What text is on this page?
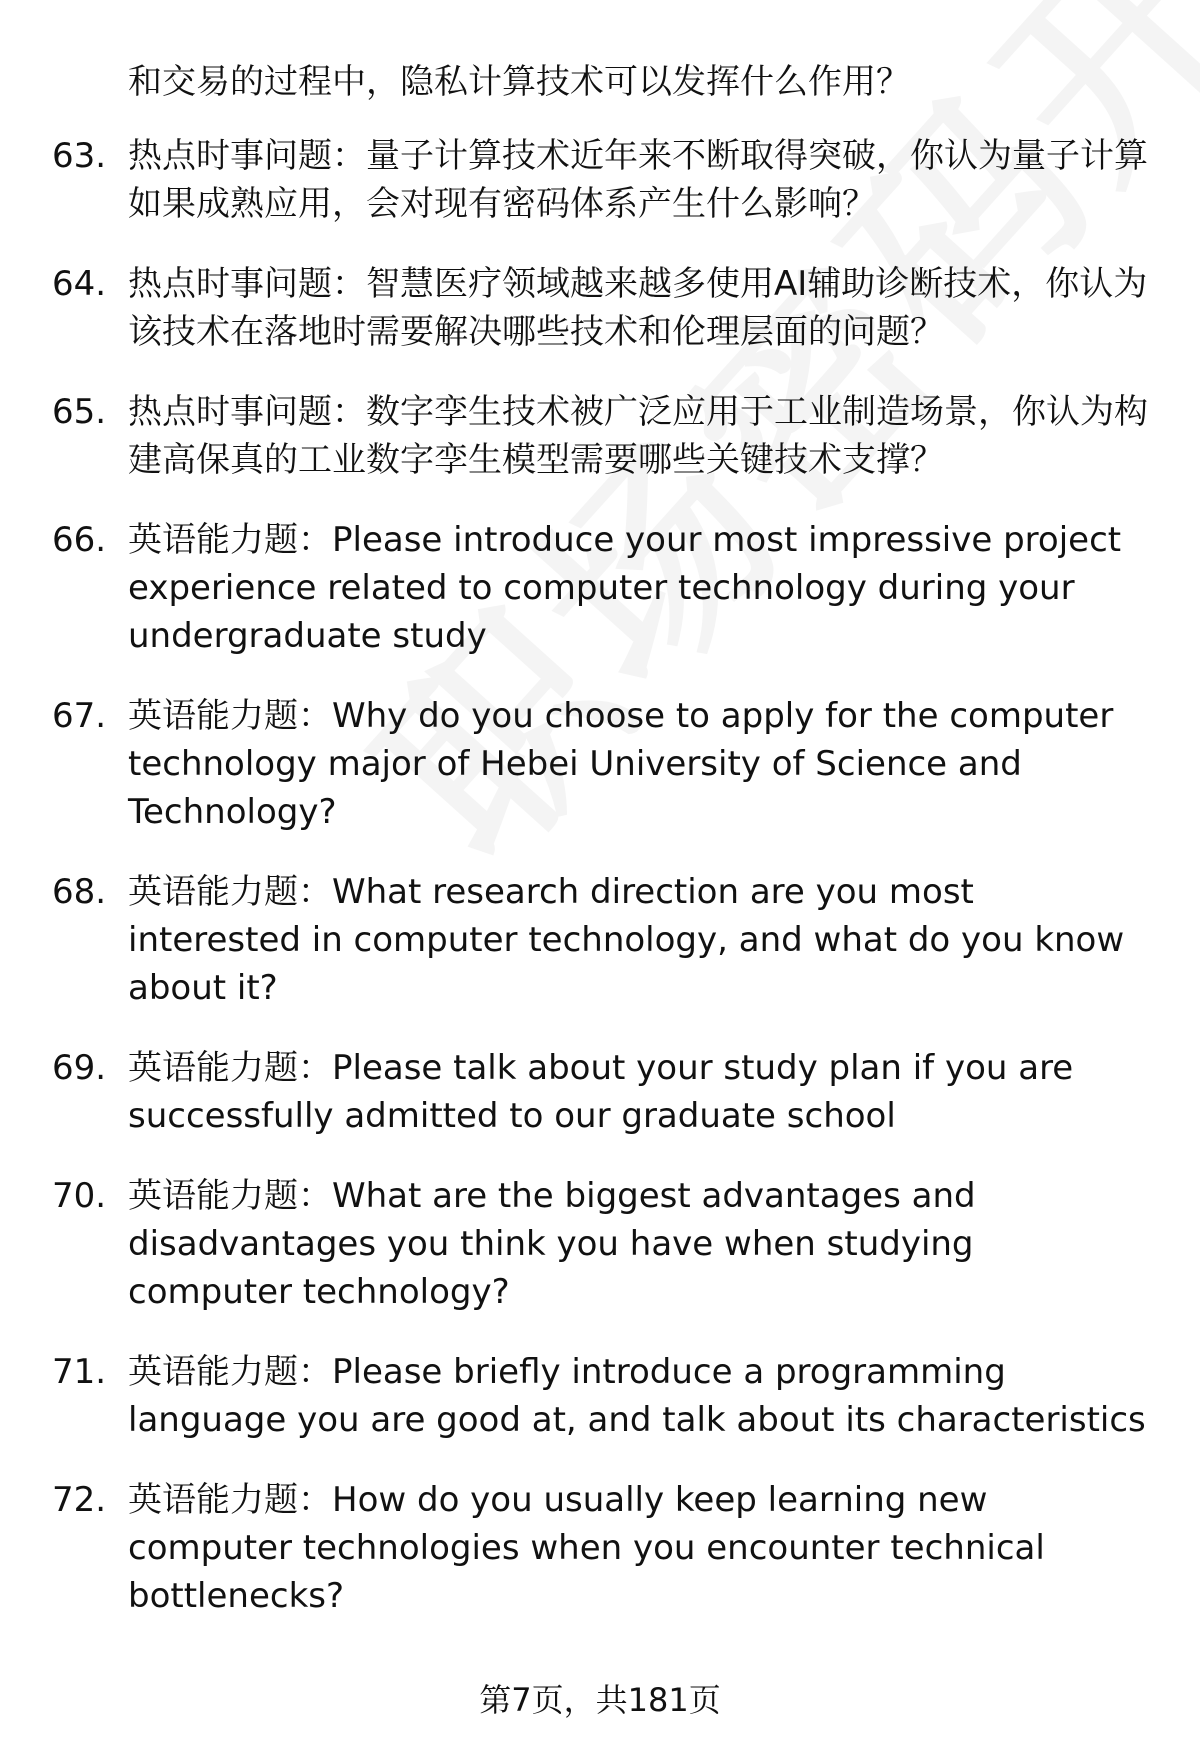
和交易的过程中，隐私计算技术可以发挥什么作用？
63. 热点时事问题：量子计算技术近年来不断取得突破，你认为量子计算如果成熟应用，会对现有密码体系产生什么影响？
64. 热点时事问题：智慧医疗领域越来越多使用AI辅助诊断技术，你认为该技术在落地时需要解决哪些技术和伦理层面的问题？
65. 热点时事问题：数字孪生技术被广泛应用于工业制造场景，你认为构建高保真的工业数字孪生模型需要哪些关键技术支撑？
66. 英语能力题：Please introduce your most impressive project experience related to computer technology during your undergraduate study
67. 英语能力题：Why do you choose to apply for the computer technology major of Hebei University of Science and Technology?
68. 英语能力题：What research direction are you most interested in computer technology, and what do you know about it?
69. 英语能力题：Please talk about your study plan if you are successfully admitted to our graduate school
70. 英语能力题：What are the biggest advantages and disadvantages you think you have when studying computer technology?
71. 英语能力题：Please briefly introduce a programming language you are good at, and talk about its characteristics
72. 英语能力题：How do you usually keep learning new computer technologies when you encounter technical bottlenecks?
第7页，共181页
